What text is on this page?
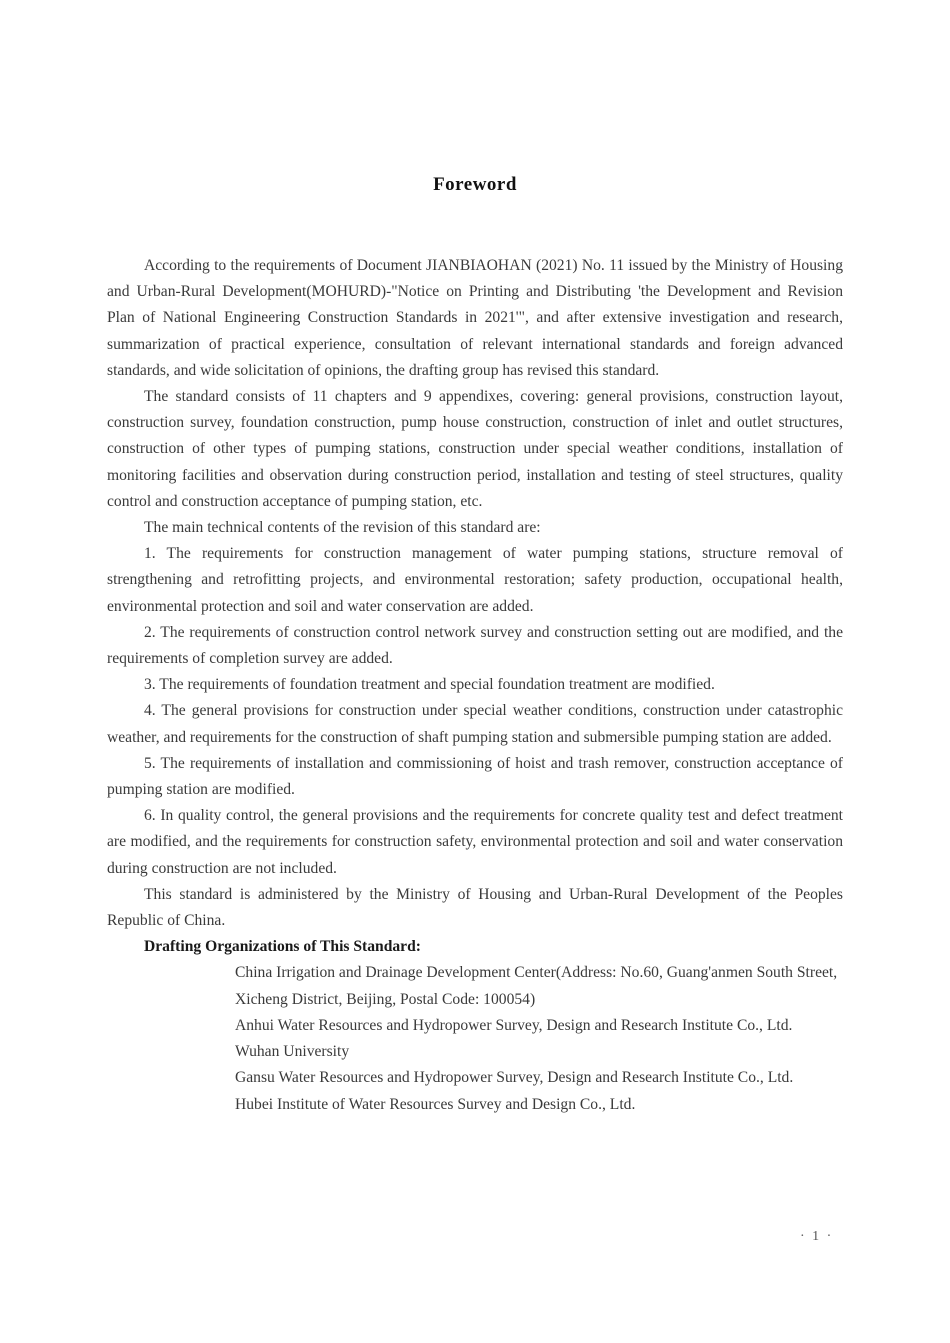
Foreword

According to the requirements of Document JIANBIAOHAN (2021) No. 11 issued by the Ministry of Housing and Urban-Rural Development(MOHURD)-"Notice on Printing and Distributing 'the Development and Revision Plan of National Engineering Construction Standards in 2021'", and after extensive investigation and research, summarization of practical experience, consultation of relevant international standards and foreign advanced standards, and wide solicitation of opinions, the drafting group has revised this standard.

The standard consists of 11 chapters and 9 appendixes, covering: general provisions, construction layout, construction survey, foundation construction, pump house construction, construction of inlet and outlet structures, construction of other types of pumping stations, construction under special weather conditions, installation of monitoring facilities and observation during construction period, installation and testing of steel structures, quality control and construction acceptance of pumping station, etc.

The main technical contents of the revision of this standard are:

1. The requirements for construction management of water pumping stations, structure removal of strengthening and retrofitting projects, and environmental restoration; safety production, occupational health, environmental protection and soil and water conservation are added.

2. The requirements of construction control network survey and construction setting out are modified, and the requirements of completion survey are added.

3. The requirements of foundation treatment and special foundation treatment are modified.

4. The general provisions for construction under special weather conditions, construction under catastrophic weather, and requirements for the construction of shaft pumping station and submersible pumping station are added.

5. The requirements of installation and commissioning of hoist and trash remover, construction acceptance of pumping station are modified.

6. In quality control, the general provisions and the requirements for concrete quality test and defect treatment are modified, and the requirements for construction safety, environmental protection and soil and water conservation during construction are not included.

This standard is administered by the Ministry of Housing and Urban-Rural Development of the Peoples Republic of China.

Drafting Organizations of This Standard:

China Irrigation and Drainage Development Center(Address: No.60, Guang'anmen South Street, Xicheng District, Beijing, Postal Code: 100054)
Anhui Water Resources and Hydropower Survey, Design and Research Institute Co., Ltd.
Wuhan University
Gansu Water Resources and Hydropower Survey, Design and Research Institute Co., Ltd.
Hubei Institute of Water Resources Survey and Design Co., Ltd.
· 1 ·
